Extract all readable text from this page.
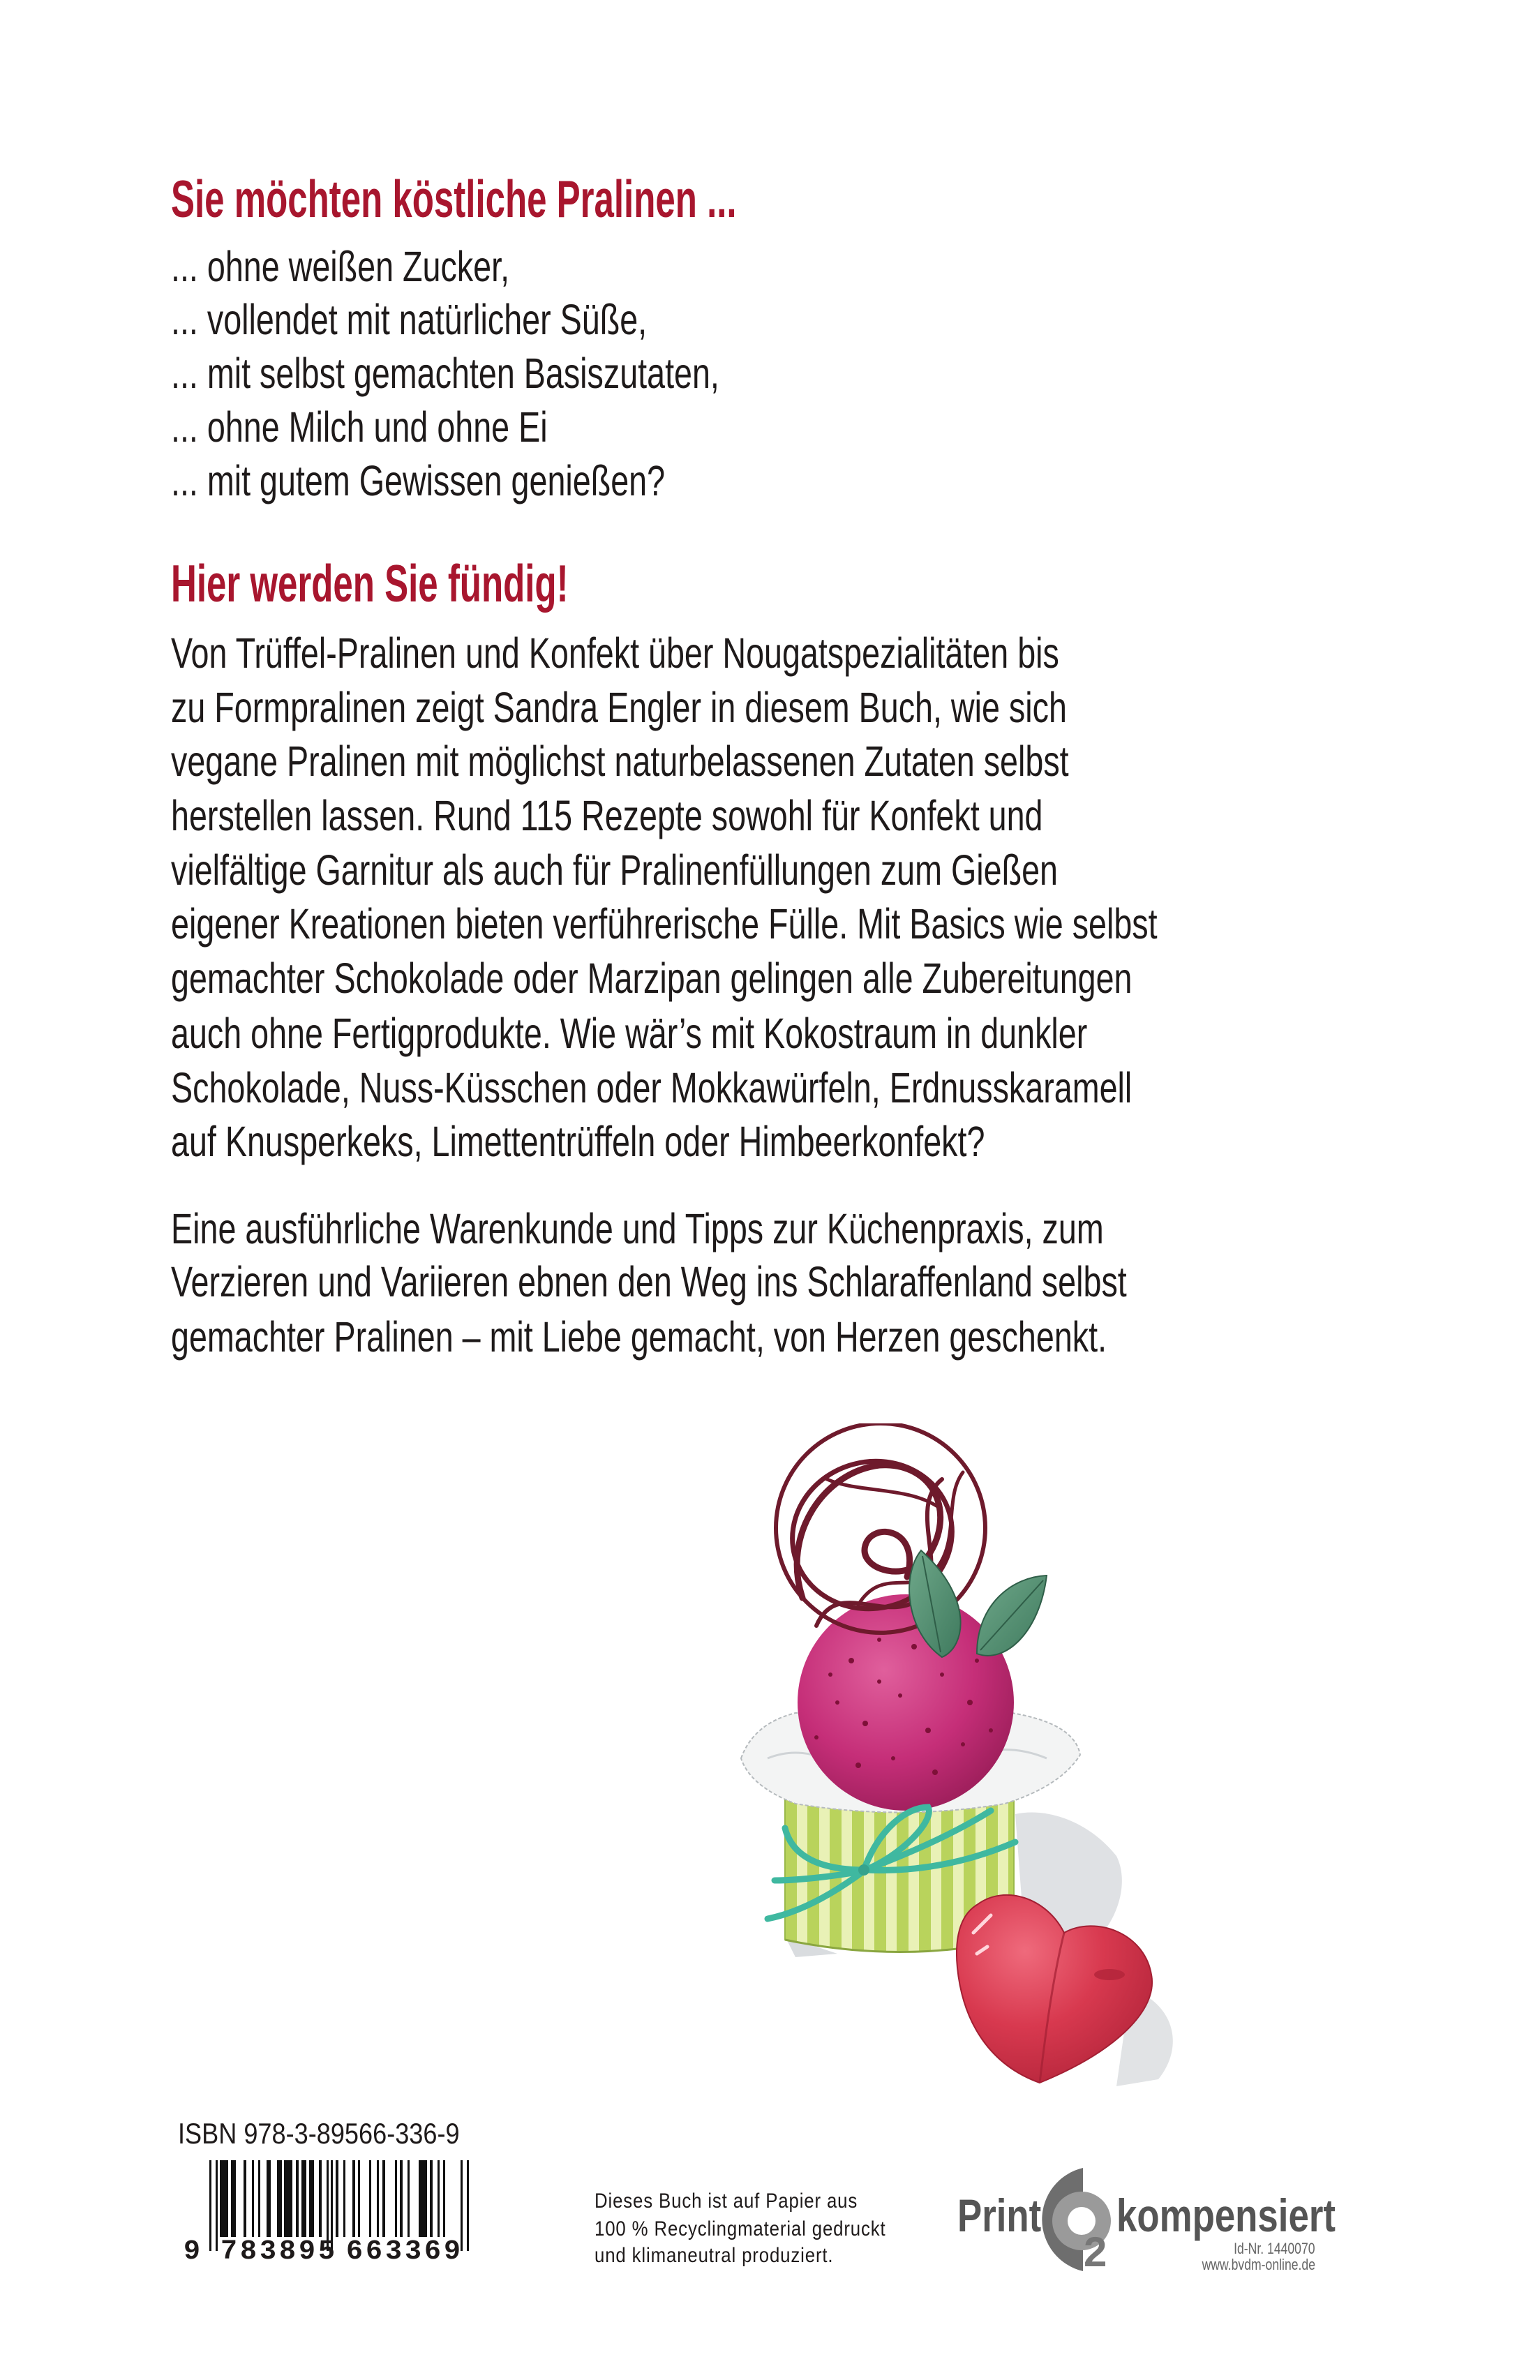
Sie möchten köstliche Pralinen ...
... ohne weißen Zucker,
... vollendet mit natürlicher Süße,
... mit selbst gemachten Basiszutaten,
... ohne Milch und ohne Ei
... mit gutem Gewissen genießen?
Hier werden Sie fündig!
Von Trüffel-Pralinen und Konfekt über Nougatspezialitäten bis
zu Formpralinen zeigt Sandra Engler in diesem Buch, wie sich
vegane Pralinen mit möglichst naturbelassenen Zutaten selbst
herstellen lassen. Rund 115 Rezepte sowohl für Konfekt und
vielfältige Garnitur als auch für Pralinenfüllungen zum Gießen
eigener Kreationen bieten verführerische Fülle. Mit Basics wie selbst
gemachter Schokolade oder Marzipan gelingen alle Zubereitungen
auch ohne Fertigprodukte. Wie wär’s mit Kokostraum in dunkler
Schokolade, Nuss-Küsschen oder Mokkawürfeln, Erdnusskaramell
auf Knusperkeks, Limettentrüffeln oder Himbeerkonfekt?
Eine ausführliche Warenkunde und Tipps zur Küchenpraxis, zum
Verzieren und Variieren ebnen den Weg ins Schlaraffenland selbst
gemachter Pralinen – mit Liebe gemacht, von Herzen geschenkt.
ISBN 978-3-89566-336-9
9 783895 663369
Dieses Buch ist auf Papier aus
100 % Recyclingmaterial gedruckt
und klimaneutral produziert.
Print
2
kompensiert
Id-Nr. 1440070
www.bvdm-online.de
